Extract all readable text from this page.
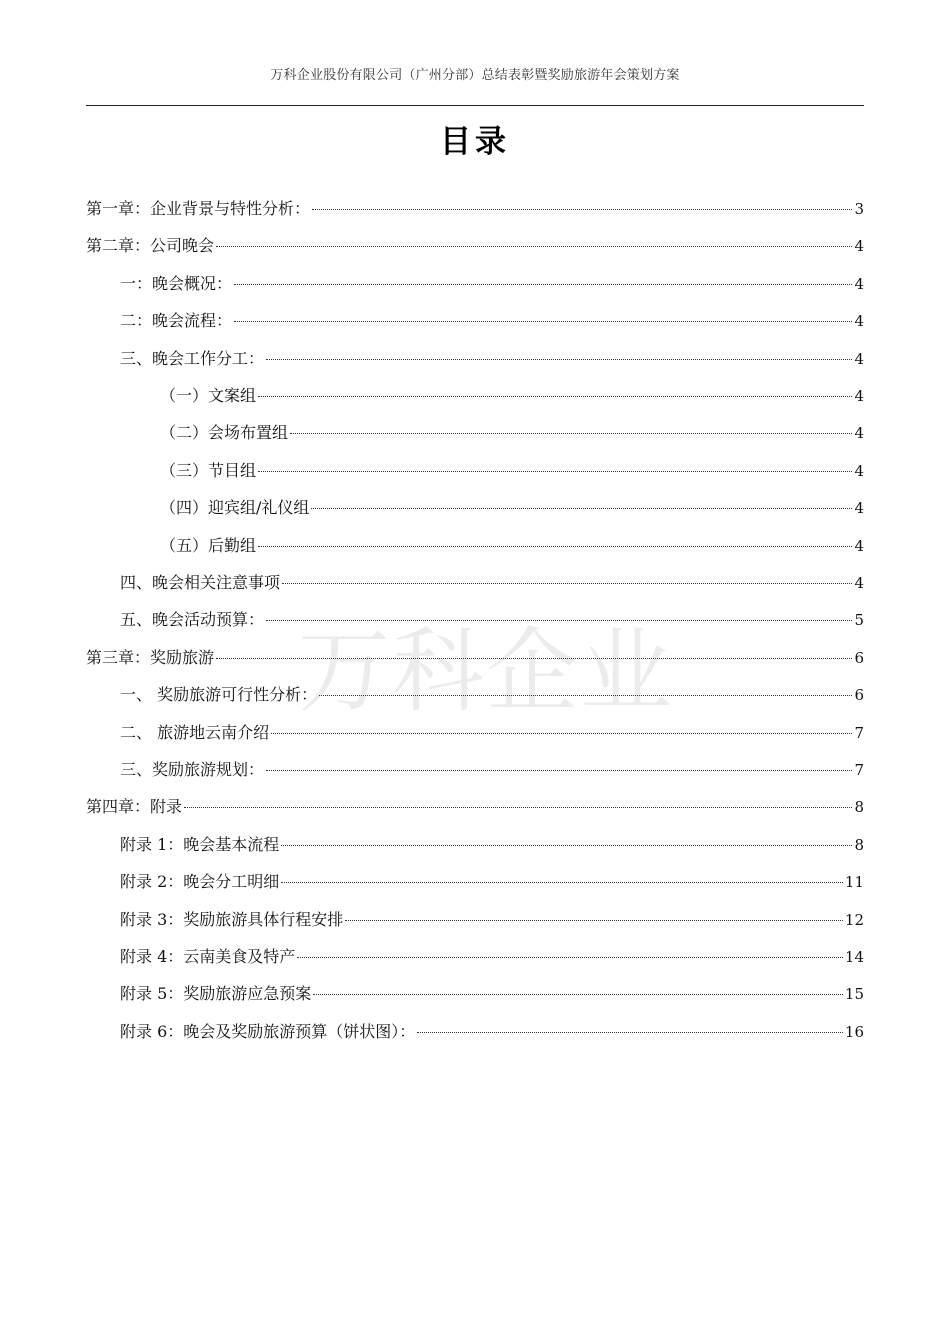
万科企业股份有限公司（广州分部）总结表彰暨奖励旅游年会策划方案
目录
万科企业
第一章：企业背景与特性分析：	3
第二章：公司晚会	4
一：晚会概况：	4
二：晚会流程：	4
三、晚会工作分工：	4
（一）文案组	4
（二）会场布置组	4
（三）节目组	4
（四）迎宾组/礼仪组	4
（五）后勤组	4
四、晚会相关注意事项	4
五、晚会活动预算：	5
第三章：奖励旅游	6
一、 奖励旅游可行性分析：	6
二、 旅游地云南介绍	7
三、奖励旅游规划：	7
第四章：附录	8
附录 1：晚会基本流程	8
附录 2：晚会分工明细	11
附录 3：奖励旅游具体行程安排	12
附录 4：云南美食及特产	14
附录 5：奖励旅游应急预案	15
附录 6：晚会及奖励旅游预算（饼状图）：	16
